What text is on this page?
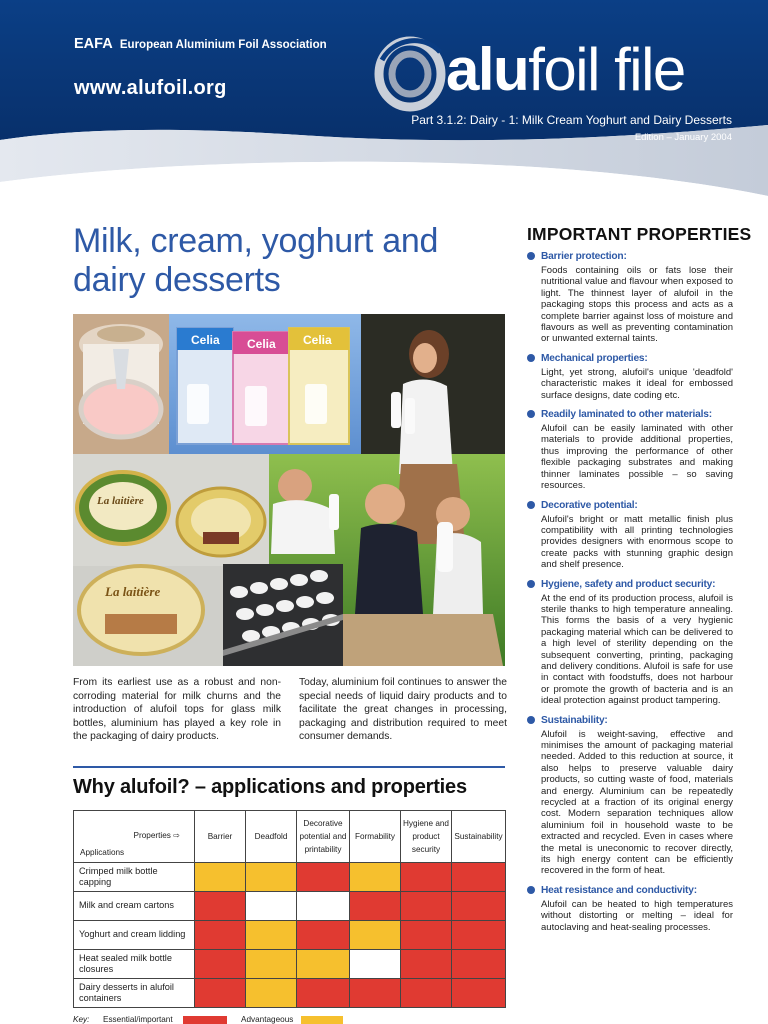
EAFA European Aluminium Foil Association
www.alufoil.org	alufoil file
Part 3.1.2: Dairy - 1: Milk Cream Yoghurt and Dairy Desserts
Edition – January 2004
Milk, cream, yoghurt and dairy desserts
Celia Celia Celia
La laitière
La laitière

From its earliest use as a robust and non-corroding material for milk churns and the introduction of alufoil tops for glass milk bottles, aluminium has played a key role in the packaging of dairy products.

Today, aluminium foil continues to answer the special needs of liquid dairy products and to facilitate the great changes in processing, packaging and distribution required to meet consumer demands.

Why alufoil? – applications and properties
Properties ⇨
Applications	Barrier	Deadfold	Decorative potential and printability	Formability	Hygiene and product security	Sustainability
Crimped milk bottle capping						
Milk and cream cartons						
Yoghurt and cream lidding						
Heat sealed milk bottle closures						
Dairy desserts in alufoil containers						
Key: Essential/important	Advantageous
IMPORTANT PROPERTIES
Barrier protection:
Foods containing oils or fats lose their nutritional value and flavour when exposed to light. The thinnest layer of alufoil in the packaging stops this process and acts as a complete barrier against loss of moisture and flavours as well as preventing contamination or unwanted external taints.
Mechanical properties:
Light, yet strong, alufoil's unique 'deadfold' characteristic makes it ideal for embossed surface designs, date coding etc.
Readily laminated to other materials:
Alufoil can be easily laminated with other materials to provide additional properties, thus improving the performance of other flexible packaging substrates and making thinner laminates possible – so saving resources.
Decorative potential:
Alufoil's bright or matt metallic finish plus compatibility with all printing technologies provides designers with enormous scope to create packs with stunning graphic design and shelf presence.
Hygiene, safety and product security:
At the end of its production process, alufoil is sterile thanks to high temperature annealing. This forms the basis of a very hygienic packaging material which can be delivered to a high level of sterility depending on the subsequent converting, printing, packaging and delivery conditions. Alufoil is safe for use in contact with foodstuffs, does not harbour or promote the growth of bacteria and is an ideal protection against product tampering.
Sustainability:
Alufoil is weight-saving, effective and minimises the amount of packaging material needed. Added to this reduction at source, it also helps to preserve valuable dairy products, so cutting waste of food, materials and energy. Aluminium can be repeatedly recycled at a fraction of its original energy cost. Modern separation techniques allow aluminium foil in household waste to be extracted and recycled. Even in cases where the metal is uneconomic to recover directly, its high energy content can be efficiently recovered in the form of heat.
Heat resistance and conductivity:
Alufoil can be heated to high temperatures without distorting or melting – ideal for autoclaving and heat-sealing processes.
